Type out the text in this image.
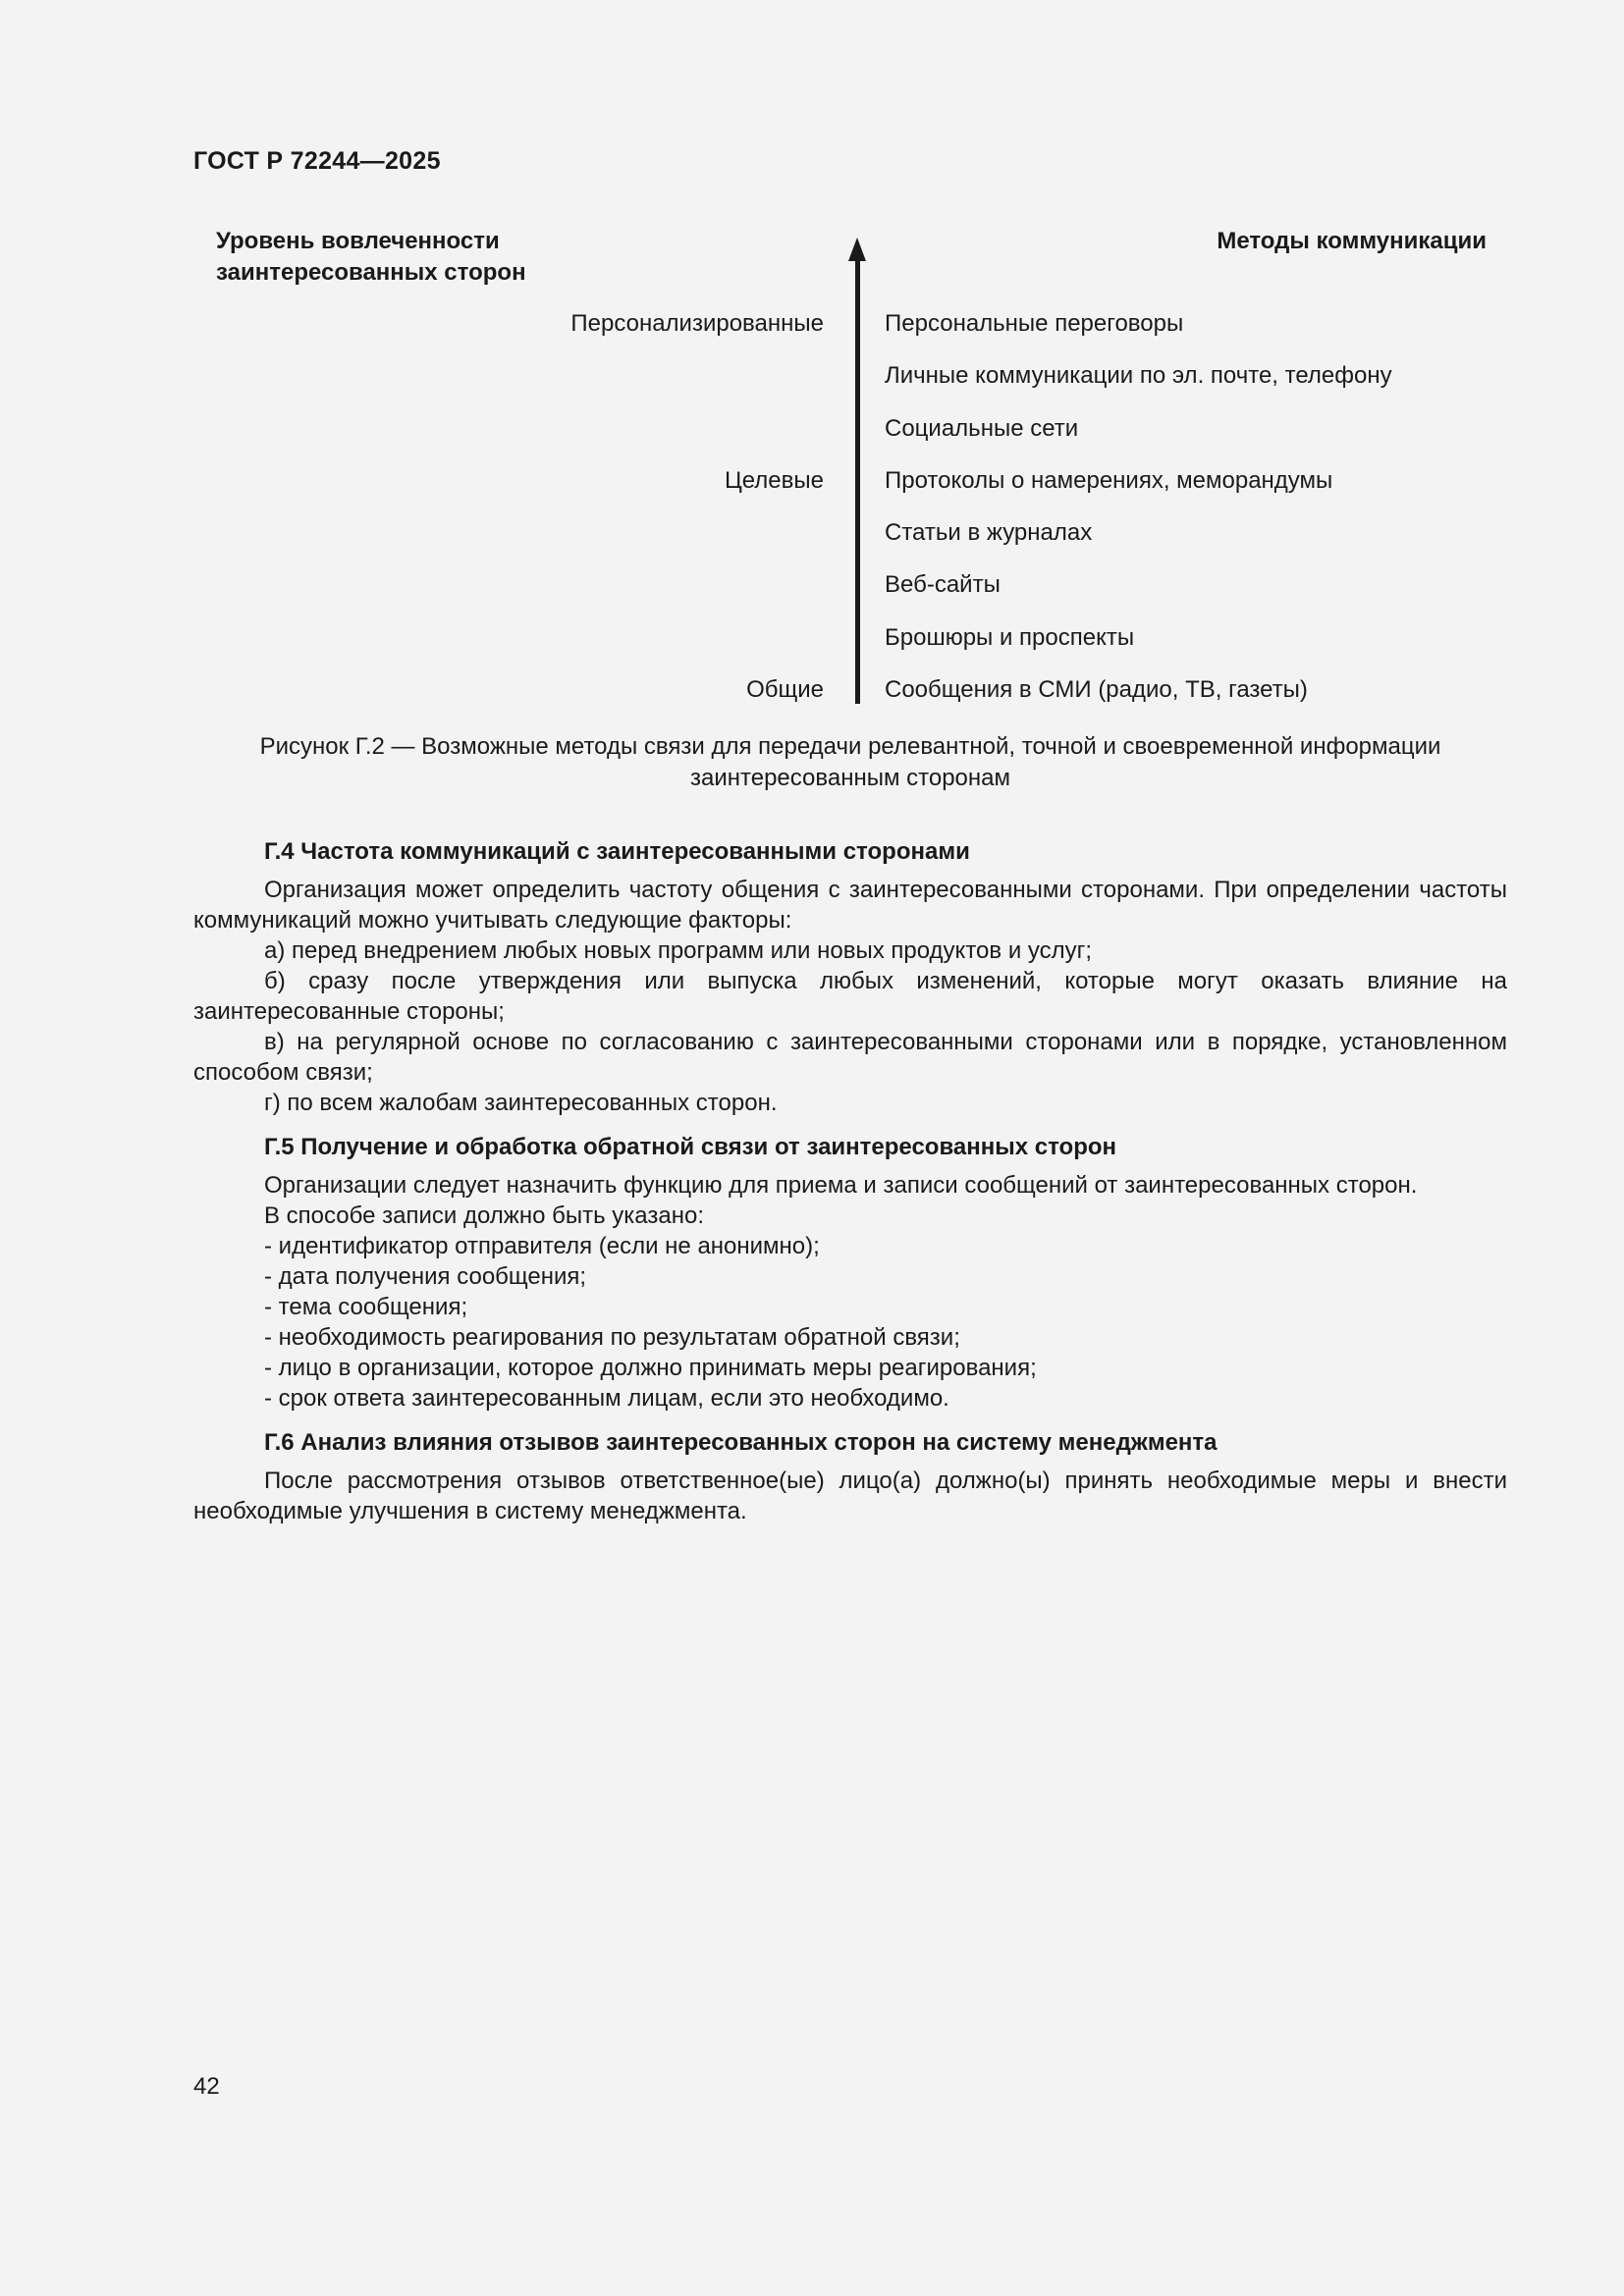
ГОСТ Р 72244—2025
Уровень вовлеченности
заинтересованных сторон
Методы коммуникации
Персонализированные
Целевые
Общие
Персональные переговоры
Личные коммуникации по эл. почте, телефону
Социальные сети
Протоколы о намерениях, меморандумы
Статьи в журналах
Веб-сайты
Брошюры и проспекты
Сообщения в СМИ (радио, ТВ, газеты)
Рисунок Г.2 — Возможные методы связи для передачи релевантной, точной и своевременной информации заинтересованным сторонам
Г.4 Частота коммуникаций с заинтересованными сторонами

Организация может определить частоту общения с заинтересованными сторонами. При определении частоты коммуникаций можно учитывать следующие факторы:

а) перед внедрением любых новых программ или новых продуктов и услуг;

б) сразу после утверждения или выпуска любых изменений, которые могут оказать влияние на заинтересованные стороны;

в) на регулярной основе по согласованию с заинтересованными сторонами или в порядке, установленном способом связи;

г) по всем жалобам заинтересованных сторон.

Г.5 Получение и обработка обратной связи от заинтересованных сторон

Организации следует назначить функцию для приема и записи сообщений от заинтересованных сторон.

В способе записи должно быть указано:

- идентификатор отправителя (если не анонимно);

- дата получения сообщения;

- тема сообщения;

- необходимость реагирования по результатам обратной связи;

- лицо в организации, которое должно принимать меры реагирования;

- срок ответа заинтересованным лицам, если это необходимо.

Г.6 Анализ влияния отзывов заинтересованных сторон на систему менеджмента

После рассмотрения отзывов ответственное(ые) лицо(а) должно(ы) принять необходимые меры и внести необходимые улучшения в систему менеджмента.

42
